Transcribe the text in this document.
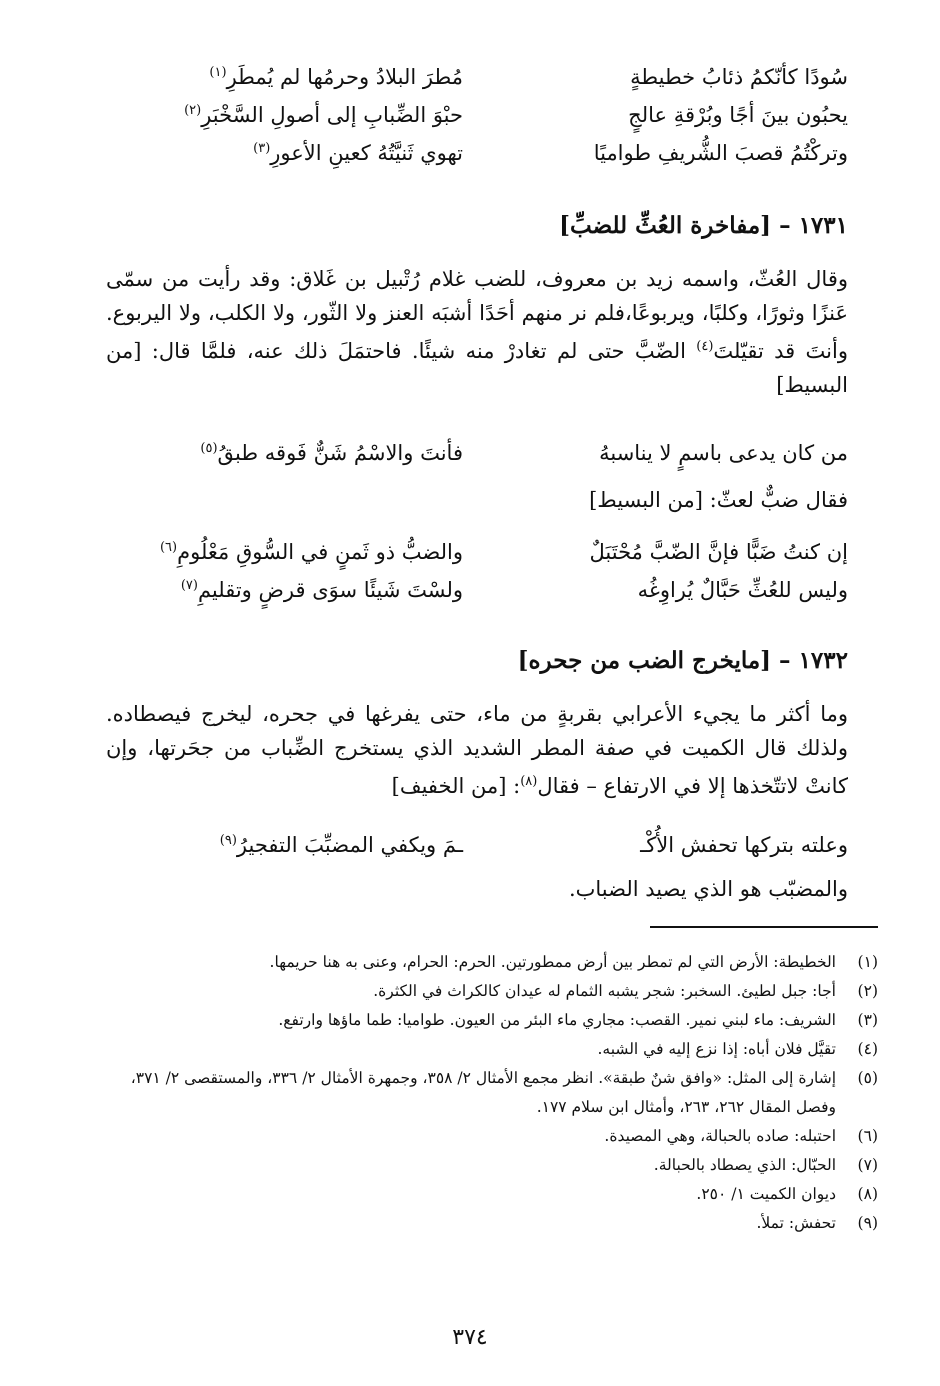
سُودًا كأنّكمُ ذئابُ خطيطةٍ
مُطرَ البلادُ وحرمُها لم يُمطَرِ$^{(١)}$
يحبُون بينَ أجًا وبُرْقةِ عالجٍ
حبْوَ الضِّبابِ إلى أصولِ السَّخْبَرِ$^{(٢)}$
وتركْتُمُ قصبَ الشُّريفِ طواميًا
تهوي ثَنيَّتُهُ كعينِ الأعورِ$^{(٣)}$
١٧٣١ – [مفاخرة العُثِّ للضبِّ]

وقال العُثّ، واسمه زيد بن معروف، للضب غلام رُتْبيل بن غَلاق: وقد رأيت من سمّى عَنزًا وثورًا، وكلبًا، ويربوعًا،فلم نر منهم أحَدًا أشبَه العنز ولا الثّور، ولا الكلب، ولا اليربوع. وأنتَ قد تقيّلتَ$^{(٤)}$ الضّبَّ حتى لم تغادرْ منه شيئًا. فاحتمَلَ ذلك عنه، فلمَّا قال: [من البسيط]

من كان يدعى باسمٍ لا يناسبهُ
فأنتَ والاسْمُ شَنٌّ فَوقه طبقُ$^{(٥)}$

فقال ضبٌّ لعثّ: [من البسيط]

إن كنتُ ضَبًّا فإنَّ الضّبَّ مُحْتَبَلٌ
والضبُّ ذو ثَمنٍ في السُّوقِ مَعْلُومِ$^{(٦)}$
وليس للعُثِّ حَبَّالٌ يُراوِغُه
ولسْتَ شَيئًا سوَى قرضٍ وتقليمِ$^{(٧)}$
١٧٣٢ – [مايخرج الضب من جحره]

وما أكثر ما يجيء الأعرابي بقربةٍ من ماء، حتى يفرغها في جحره، ليخرج فيصطاده. ولذلك قال الكميت في صفة المطر الشديد الذي يستخرج الضِّباب من جحَرتها، وإن كانتْ لاتتّخذها إلا في الارتفاع – فقال$^{(٨)}$: [من الخفيف]

وعلته بتركها تحفش الأُكْـ
ـمَ ويكفي المضبِّبَ التفجيرُ$^{(٩)}$

والمضبّب هو الذي يصيد الضباب.

(١)
الخطيطة: الأرض التي لم تمطر بين أرض ممطورتين. الحرم: الحرام، وعنى به هنا حريمها.
(٢)
أجا: جبل لطيئ. السخبر: شجر يشبه الثمام له عيدان كالكراث في الكثرة.
(٣)
الشريف: ماء لبني نمير. القصب: مجاري ماء البئر من العيون. طواميا: طما ماؤها وارتفع.
(٤)
تقيَّل فلان أباه: إذا نزع إليه في الشبه.
(٥)
إشارة إلى المثل: «وافق شنٌ طبقة». انظر مجمع الأمثال ٢/ ٣٥٨، وجمهرة الأمثال ٢/ ٣٣٦، والمستقصى ٢/ ٣٧١، وفصل المقال ٢٦٢، ٢٦٣، وأمثال ابن سلام ١٧٧.
(٦)
احتبله: صاده بالحبالة، وهي المصيدة.
(٧)
الحبّال: الذي يصطاد بالحبالة.
(٨)
ديوان الكميت ١/ ٢٥٠.
(٩)
تحفش: تملأ.
٣٧٤
